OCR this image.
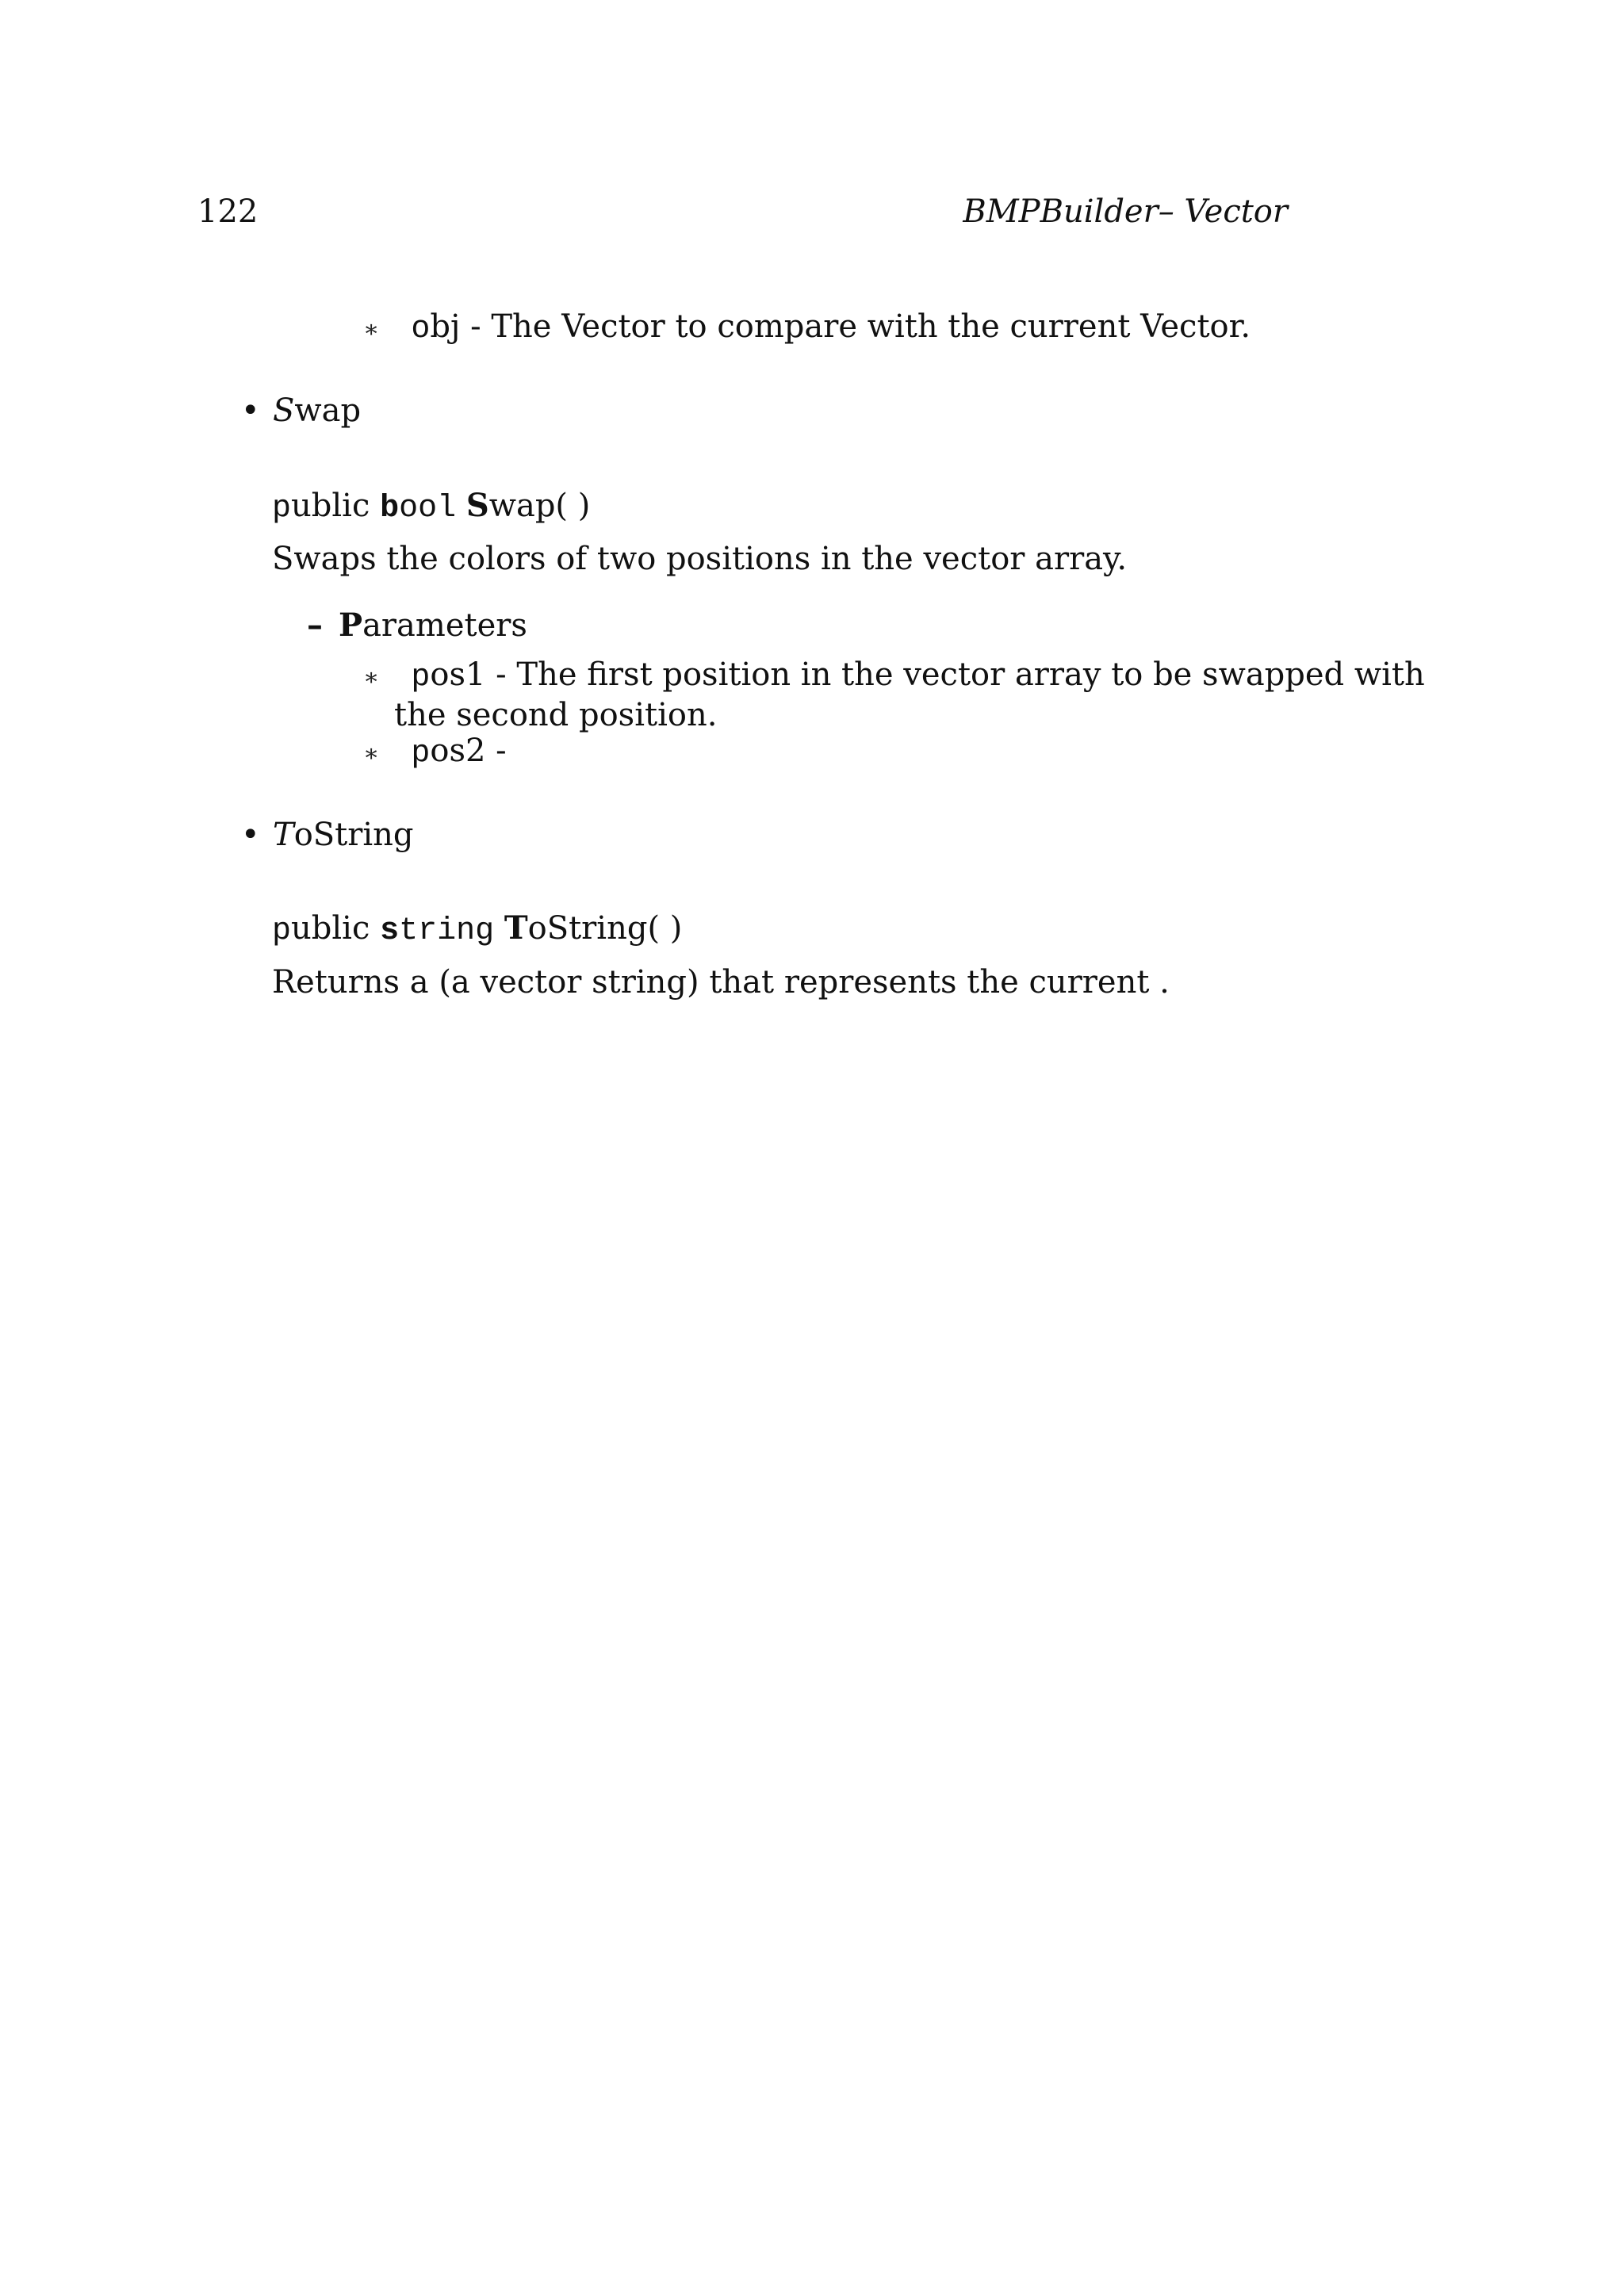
122	BMPBuilder– Vector
∗ obj - The Vector to compare with the current Vector.
• Swap
public bool Swap( )
Swaps the colors of two positions in the vector array.
– Parameters
∗ pos1 - The first position in the vector array to be swapped with
the second position.
∗ pos2 -
• ToString
public string ToString( )
Returns a (a vector string) that represents the current .
